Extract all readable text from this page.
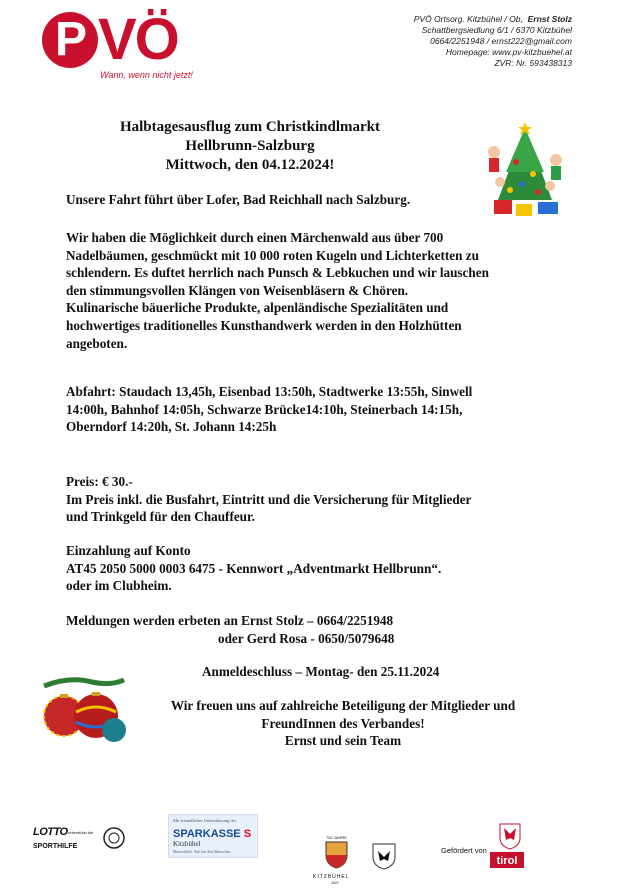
P VÖ
Wann, wenn nicht jetzt!
PVÖ Ortsorg. Kitzbühel / Ob, Ernst Stolz
Schattbergsiedlung 6/1 / 6370 Kitzbühel
0664/2251948 / ernst222@gmail.com
Homepage: www.pv-kitzbuehel.at
ZVR: Nr. 593438313
Halbtagesausflug zum Christkindlmarkt
Hellbrunn-Salzburg
Mittwoch, den 04.12.2024!
Unsere Fahrt führt über Lofer, Bad Reichhall nach Salzburg.
Wir haben die Möglichkeit durch einen Märchenwald aus über 700
Nadelbäumen, geschmückt mit 10 000 roten Kugeln und Lichterketten zu
schlendern. Es duftet herrlich nach Punsch & Lebkuchen und wir lauschen
den stimmungsvollen Klängen von Weisenbläsern & Chören.
Kulinarische bäuerliche Produkte, alpenländische Spezialitäten und
hochwertiges traditionelles Kunsthandwerk werden in den Holzhütten
angeboten.
Abfahrt: Staudach 13,45h, Eisenbad 13:50h, Stadtwerke 13:55h, Sinwell
14:00h, Bahnhof 14:05h, Schwarze Brücke14:10h, Steinerbach 14:15h,
Oberndorf 14:20h, St. Johann 14:25h
Preis: € 30.-
Im Preis inkl. die Busfahrt, Eintritt und die Versicherung für Mitglieder
und Trinkgeld für den Chauffeur.
Einzahlung auf Konto
AT45 2050 5000 0003 6475 - Kennwort „Adventmarkt Hellbrunn“.
oder im Clubheim.
Meldungen werden erbeten an Ernst Stolz – 0664/2251948
oder Gerd Rosa - 0650/5079648
Anmeldeschluss – Montag- den 25.11.2024
Wir freuen uns auf zahlreiche Beteiligung der Mitglieder und
FreundInnen des Verbandes!
Ernst und sein Team
LOTTO
SPORTHILFE
unterstützt die
Mit freundlicher Unterstützung der
SPARKASSE S
Kitzbühel
Menschlich. Nah bei den Menschen.
750 JAHRE
KITZBÜHEL
2021
Gefördert von
tirol
